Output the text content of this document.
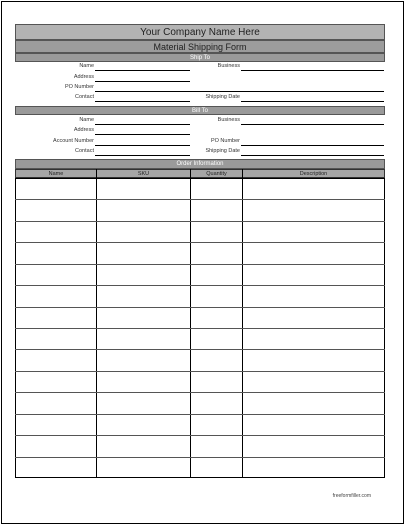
Your Company Name Here
Material Shipping Form
Ship To
Name	Business
Address
PO Number
Contact	Shipping Date
Bill To
Name	Business
Address
Account Number	PO Number
Contact	Shipping Date
Order Information
Name	SKU	Quantity	Description
freeformfiller.com
